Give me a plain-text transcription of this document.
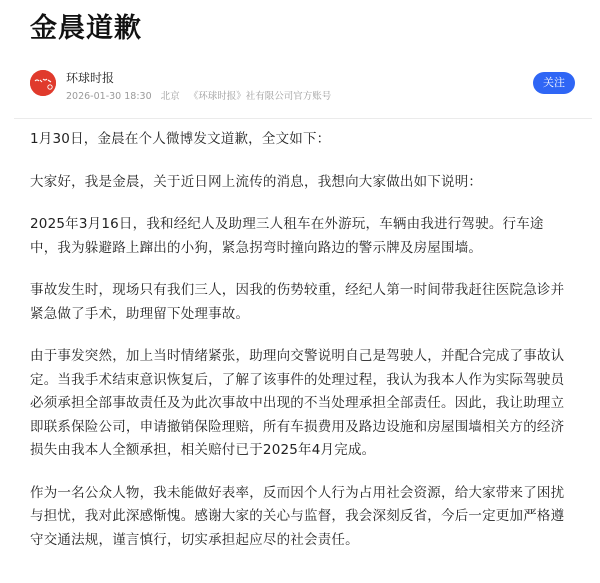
金晨道歉
环球时报
2026-01-30 18:30 北京 《环球时报》社有限公司官方账号
关注

1月30日，金晨在个人微博发文道歉，全文如下：

大家好，我是金晨，关于近日网上流传的消息，我想向大家做出如下说明：

2025年3月16日，我和经纪人及助理三人租车在外游玩，车辆由我进行驾驶。行车途中，我为躲避路上蹿出的小狗，紧急拐弯时撞向路边的警示牌及房屋围墙。

事故发生时，现场只有我们三人，因我的伤势较重，经纪人第一时间带我赶往医院急诊并紧急做了手术，助理留下处理事故。

由于事发突然，加上当时情绪紧张，助理向交警说明自己是驾驶人，并配合完成了事故认定。当我手术结束意识恢复后，了解了该事件的处理过程，我认为我本人作为实际驾驶员必须承担全部事故责任及为此次事故中出现的不当处理承担全部责任。因此，我让助理立即联系保险公司，申请撤销保险理赔，所有车损费用及路边设施和房屋围墙相关方的经济损失由我本人全额承担，相关赔付已于2025年4月完成。

作为一名公众人物，我未能做好表率，反而因个人行为占用社会资源，给大家带来了困扰与担忧，我对此深感惭愧。感谢大家的关心与监督，我会深刻反省，今后一定更加严格遵守交通法规，谨言慎行，切实承担起应尽的社会责任。
